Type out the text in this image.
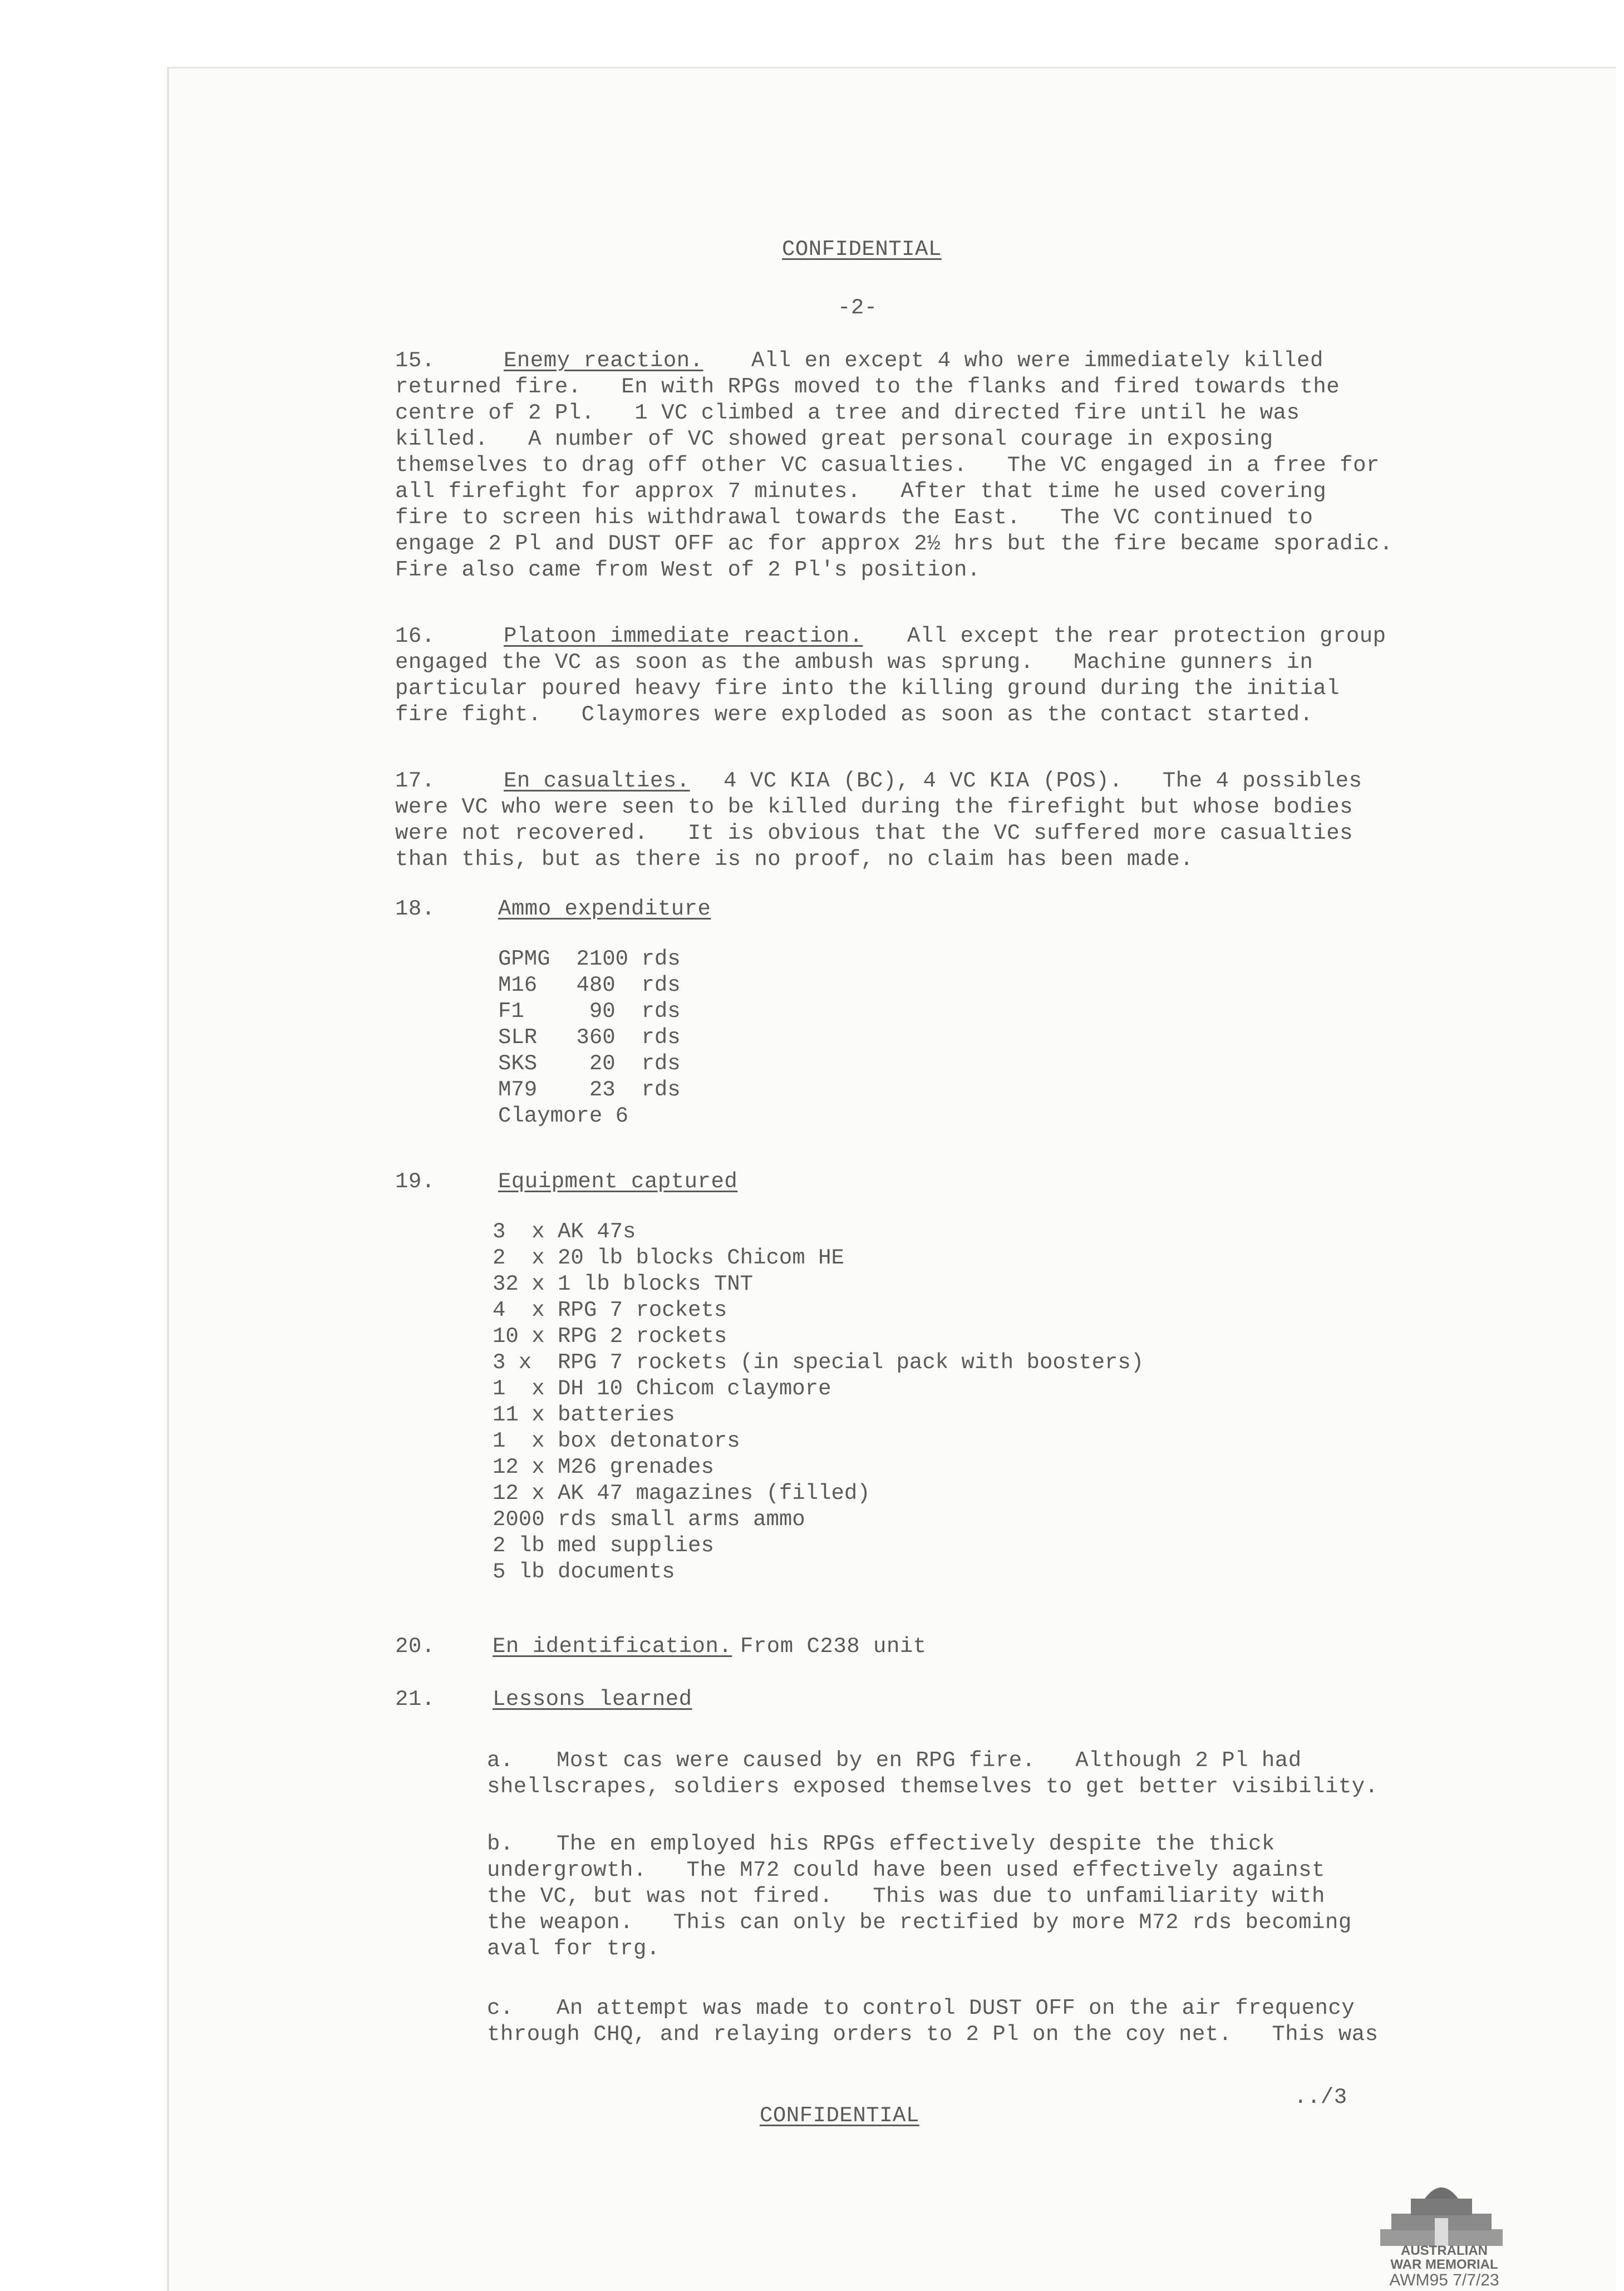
CONFIDENTIAL
-2-
15.	Enemy reaction. All en except 4 who were immediately killed
returned fire.   En with RPGs moved to the flanks and fired towards the
centre of 2 Pl.   1 VC climbed a tree and directed fire until he was
killed.   A number of VC showed great personal courage in exposing
themselves to drag off other VC casualties.   The VC engaged in a free for
all firefight for approx 7 minutes.   After that time he used covering
fire to screen his withdrawal towards the East.   The VC continued to
engage 2 Pl and DUST OFF ac for approx 2½ hrs but the fire became sporadic.
Fire also came from West of 2 Pl's position.
16.	Platoon immediate reaction. All except the rear protection group
engaged the VC as soon as the ambush was sprung.   Machine gunners in
particular poured heavy fire into the killing ground during the initial
fire fight.   Claymores were exploded as soon as the contact started.
17.	En casualties. 4 VC KIA (BC), 4 VC KIA (POS).   The 4 possibles
were VC who were seen to be killed during the firefight but whose bodies
were not recovered.   It is obvious that the VC suffered more casualties
than this, but as there is no proof, no claim has been made.
18.	Ammo expenditure
GPMG  2100 rds
M16   480  rds
F1     90  rds
SLR   360  rds
SKS    20  rds
M79    23  rds
Claymore 6
19.	Equipment captured
3  x AK 47s
2  x 20 lb blocks Chicom HE
32 x 1 lb blocks TNT
4  x RPG 7 rockets
10 x RPG 2 rockets
3 x  RPG 7 rockets (in special pack with boosters)
1  x DH 10 Chicom claymore
11 x batteries
1  x box detonators
12 x M26 grenades
12 x AK 47 magazines (filled)
2000 rds small arms ammo
2 lb med supplies
5 lb documents
20.	En identification. From C238 unit
21.	Lessons learned
a. Most cas were caused by en RPG fire.   Although 2 Pl had
shellscrapes, soldiers exposed themselves to get better visibility.
b. The en employed his RPGs effectively despite the thick
undergrowth.   The M72 could have been used effectively against
the VC, but was not fired.   This was due to unfamiliarity with
the weapon.   This can only be rectified by more M72 rds becoming
aval for trg.
c. An attempt was made to control DUST OFF on the air frequency
through CHQ, and relaying orders to 2 Pl on the coy net.   This was
../3
CONFIDENTIAL
AUSTRALIAN
WAR MEMORIAL
AWM95 7/7/23
